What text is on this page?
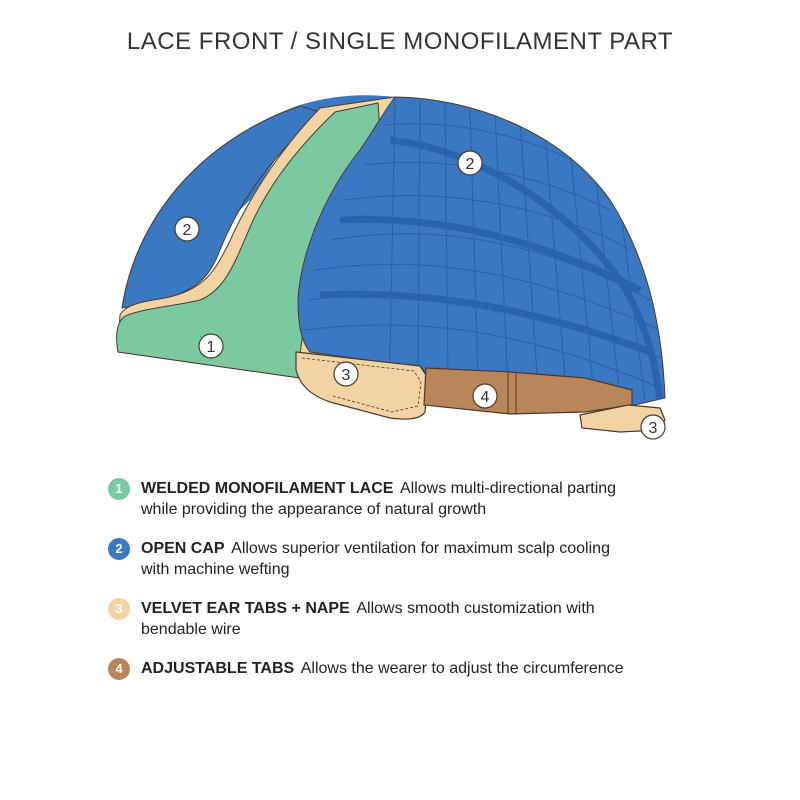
LACE FRONT / SINGLE MONOFILAMENT PART
1
2
2
3
4
3
1	WELDED MONOFILAMENT LACE Allows multi-directional parting
while providing the appearance of natural growth
2	OPEN CAP Allows superior ventilation for maximum scalp cooling
with machine wefting
3	VELVET EAR TABS + NAPE Allows smooth customization with
bendable wire
4	ADJUSTABLE TABS Allows the wearer to adjust the circumference
